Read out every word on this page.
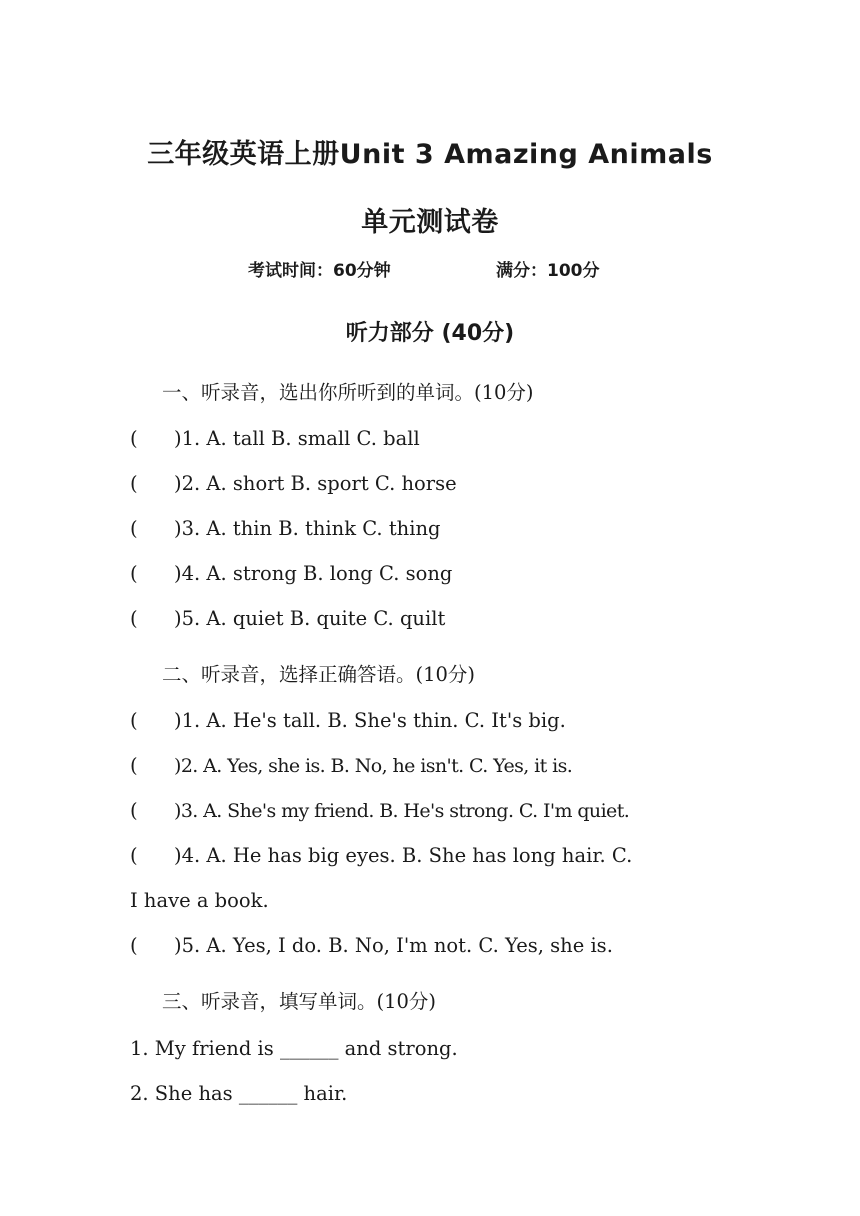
三年级英语上册Unit 3 Amazing Animals
单元测试卷
考试时间：60分钟	满分：100分
听力部分 (40分)
一、听录音，选出你所听到的单词。(10分)
( )1. A. tall B. small C. ball
( )2. A. short B. sport C. horse
( )3. A. thin B. think C. thing
( )4. A. strong B. long C. song
( )5. A. quiet B. quite C. quilt
二、听录音，选择正确答语。(10分)
( )1. A. He's tall. B. She's thin. C. It's big.
( )2. A. Yes, she is. B. No, he isn't. C. Yes, it is.
( )3. A. She's my friend. B. He's strong. C. I'm quiet.
( )4. A. He has big eyes. B. She has long hair. C.
I have a book.
( )5. A. Yes, I do. B. No, I'm not. C. Yes, she is.
三、听录音，填写单词。(10分)
1. My friend is ______ and strong.
2. She has ______ hair.
